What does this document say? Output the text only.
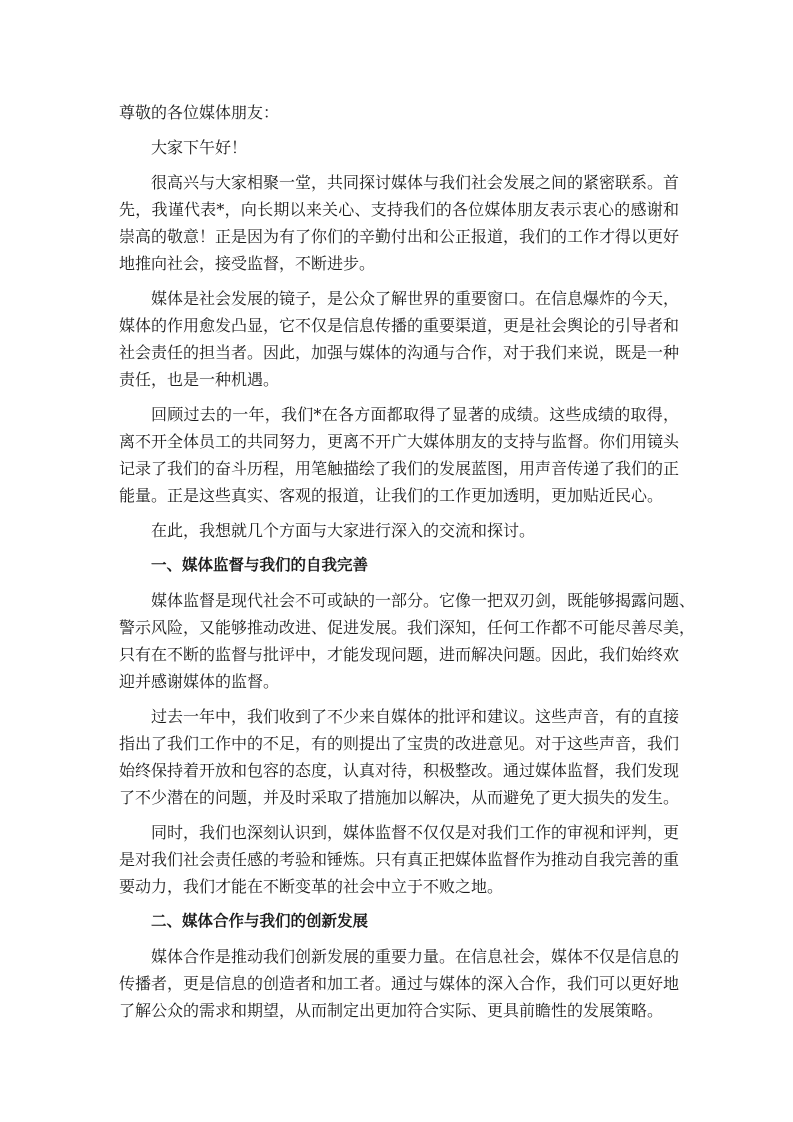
尊敬的各位媒体朋友：
大家下午好！
很高兴与大家相聚一堂，共同探讨媒体与我们社会发展之间的紧密联系。首
先，我谨代表*，向长期以来关心、支持我们的各位媒体朋友表示衷心的感谢和
崇高的敬意！正是因为有了你们的辛勤付出和公正报道，我们的工作才得以更好
地推向社会，接受监督，不断进步。
媒体是社会发展的镜子，是公众了解世界的重要窗口。在信息爆炸的今天，
媒体的作用愈发凸显，它不仅是信息传播的重要渠道，更是社会舆论的引导者和
社会责任的担当者。因此，加强与媒体的沟通与合作，对于我们来说，既是一种
责任，也是一种机遇。
回顾过去的一年，我们*在各方面都取得了显著的成绩。这些成绩的取得，
离不开全体员工的共同努力，更离不开广大媒体朋友的支持与监督。你们用镜头
记录了我们的奋斗历程，用笔触描绘了我们的发展蓝图，用声音传递了我们的正
能量。正是这些真实、客观的报道，让我们的工作更加透明，更加贴近民心。
在此，我想就几个方面与大家进行深入的交流和探讨。
一、媒体监督与我们的自我完善
媒体监督是现代社会不可或缺的一部分。它像一把双刃剑，既能够揭露问题、
警示风险，又能够推动改进、促进发展。我们深知，任何工作都不可能尽善尽美，
只有在不断的监督与批评中，才能发现问题，进而解决问题。因此，我们始终欢
迎并感谢媒体的监督。
过去一年中，我们收到了不少来自媒体的批评和建议。这些声音，有的直接
指出了我们工作中的不足，有的则提出了宝贵的改进意见。对于这些声音，我们
始终保持着开放和包容的态度，认真对待，积极整改。通过媒体监督，我们发现
了不少潜在的问题，并及时采取了措施加以解决，从而避免了更大损失的发生。
同时，我们也深刻认识到，媒体监督不仅仅是对我们工作的审视和评判，更
是对我们社会责任感的考验和锤炼。只有真正把媒体监督作为推动自我完善的重
要动力，我们才能在不断变革的社会中立于不败之地。
二、媒体合作与我们的创新发展
媒体合作是推动我们创新发展的重要力量。在信息社会，媒体不仅是信息的
传播者，更是信息的创造者和加工者。通过与媒体的深入合作，我们可以更好地
了解公众的需求和期望，从而制定出更加符合实际、更具前瞻性的发展策略。
